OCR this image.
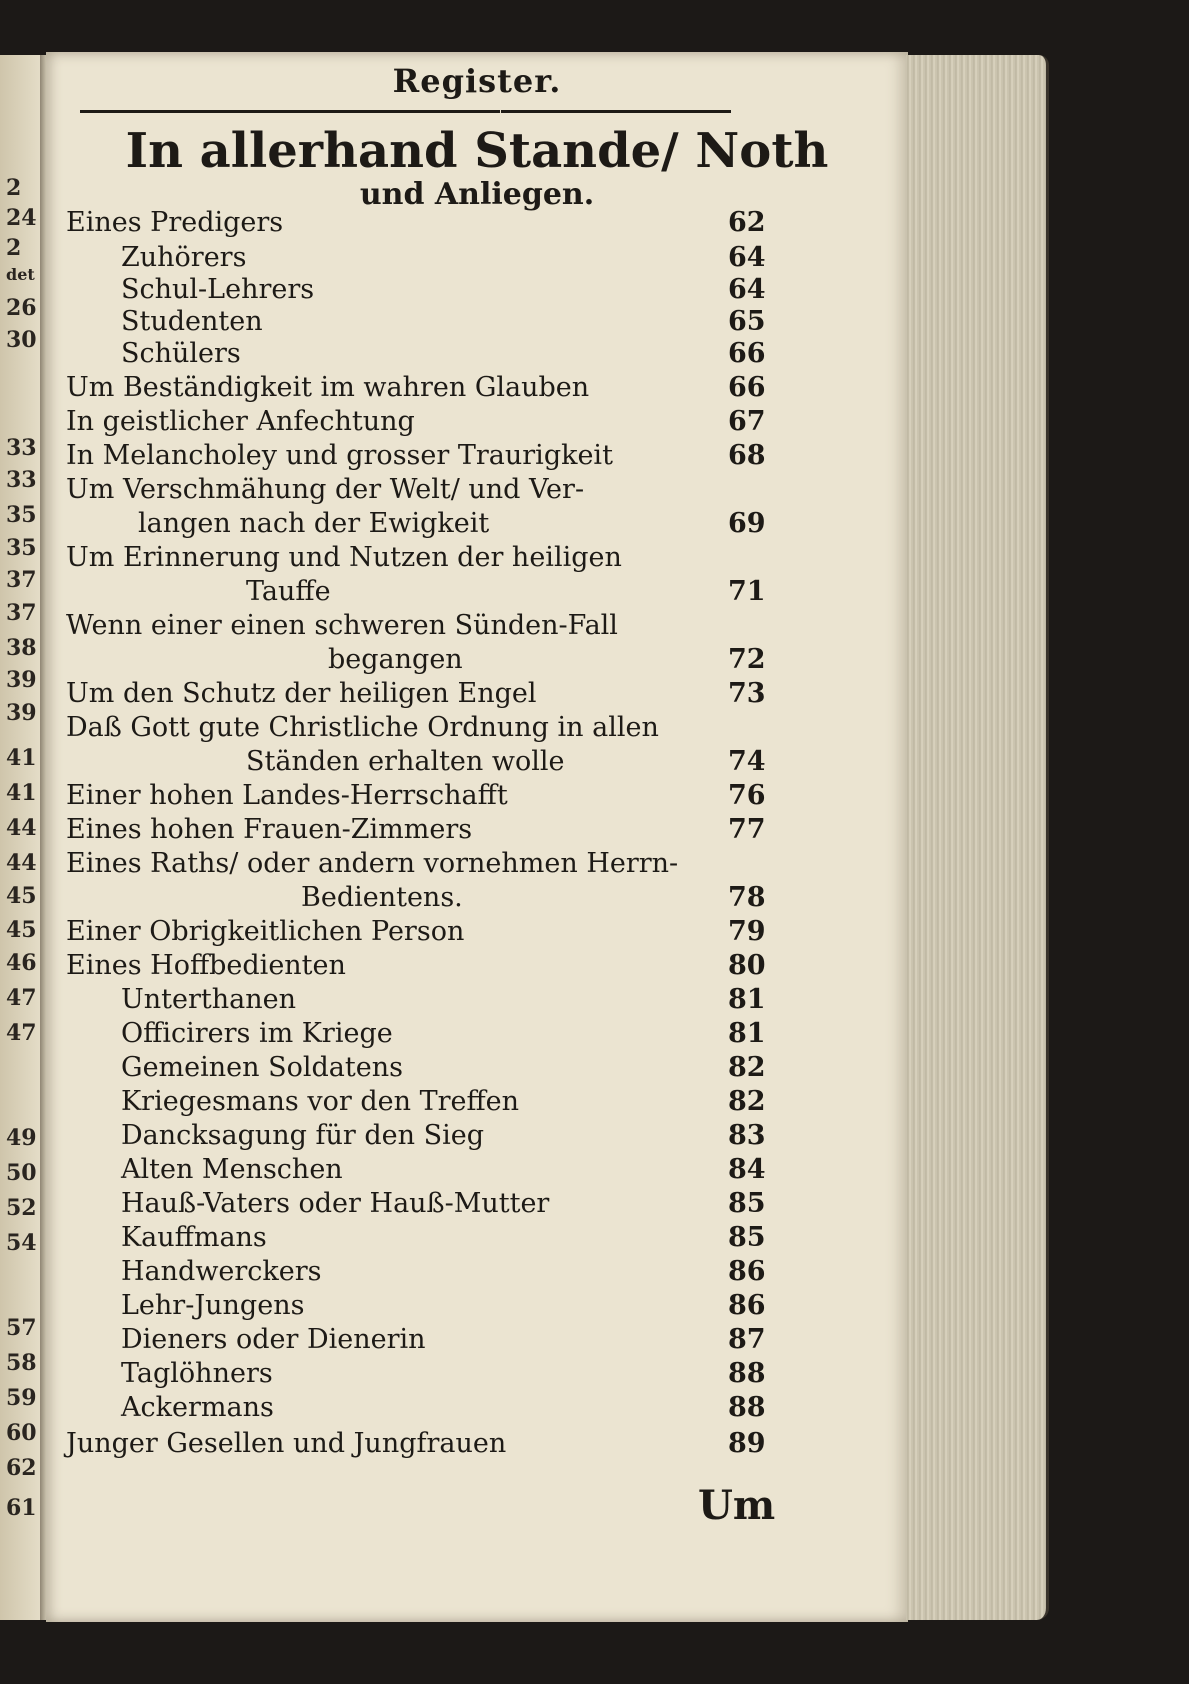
2
24
2
det
26
30
33
33
35
35
37
37
38
39
39
41
41
44
44
45
45
46
47
47
49
50
52
54
57
58
59
60
62
61
Register.
In allerhand Stande/ Noth
und Anliegen.
Eines Predigers	62
Zuhörers	64
Schul-Lehrers	64
Studenten	65
Schülers	66
Um Beständigkeit im wahren Glauben	66
In geistlicher Anfechtung	67
In Melancholey und grosser Traurigkeit	68
Um Verschmähung der Welt/ und Ver-
langen nach der Ewigkeit	69
Um Erinnerung und Nutzen der heiligen
Tauffe	71
Wenn einer einen schweren Sünden-Fall
begangen	72
Um den Schutz der heiligen Engel	73
Daß Gott gute Christliche Ordnung in allen
Ständen erhalten wolle	74
Einer hohen Landes-Herrschafft	76
Eines hohen Frauen-Zimmers	77
Eines Raths/ oder andern vornehmen Herrn-
Bedientens.	78
Einer Obrigkeitlichen Person	79
Eines Hoffbedienten	80
Unterthanen	81
Officirers im Kriege	81
Gemeinen Soldatens	82
Kriegesmans vor den Treffen	82
Dancksagung für den Sieg	83
Alten Menschen	84
Hauß-Vaters oder Hauß-Mutter	85
Kauffmans	85
Handwerckers	86
Lehr-Jungens	86
Dieners oder Dienerin	87
Taglöhners	88
Ackermans	88
Junger Gesellen und Jungfrauen	89
Um
